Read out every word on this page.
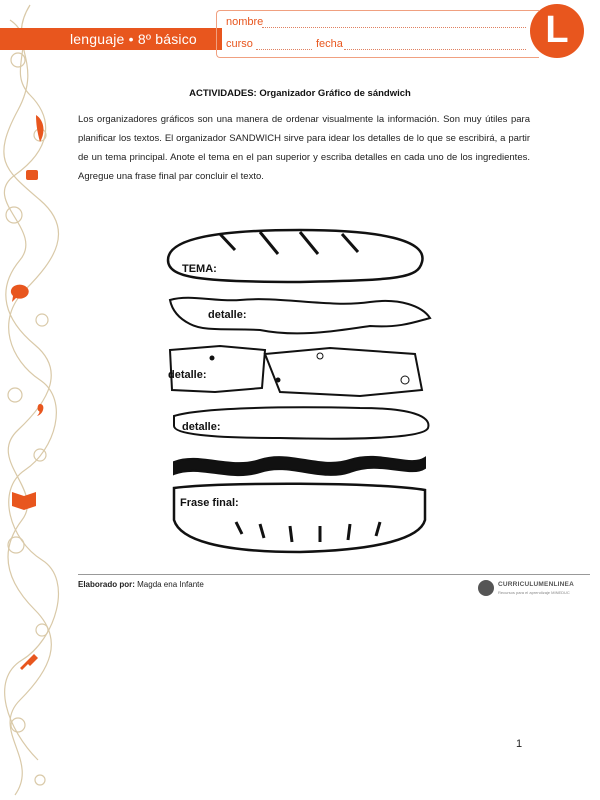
lenguaje • 8º básico
nombre
curso	fecha	L
ACTIVIDADES: Organizador Gráfico de sándwich
Los organizadores gráficos son una manera de ordenar visualmente la información. Son muy útiles para planificar los textos. El organizador SANDWICH sirve para idear los detalles de lo que se escribirá, a partir de un tema principal. Anote el tema en el pan superior y escriba detalles en cada uno de los ingredientes. Agregue una frase final par concluir el texto.
TEMA:
detalle:
detalle:
detalle:
Frase final:
Elaborado por: Magda ena Infante	CURRICULUMENLINEA
Recursos para el aprendizaje MINEDUC
1
